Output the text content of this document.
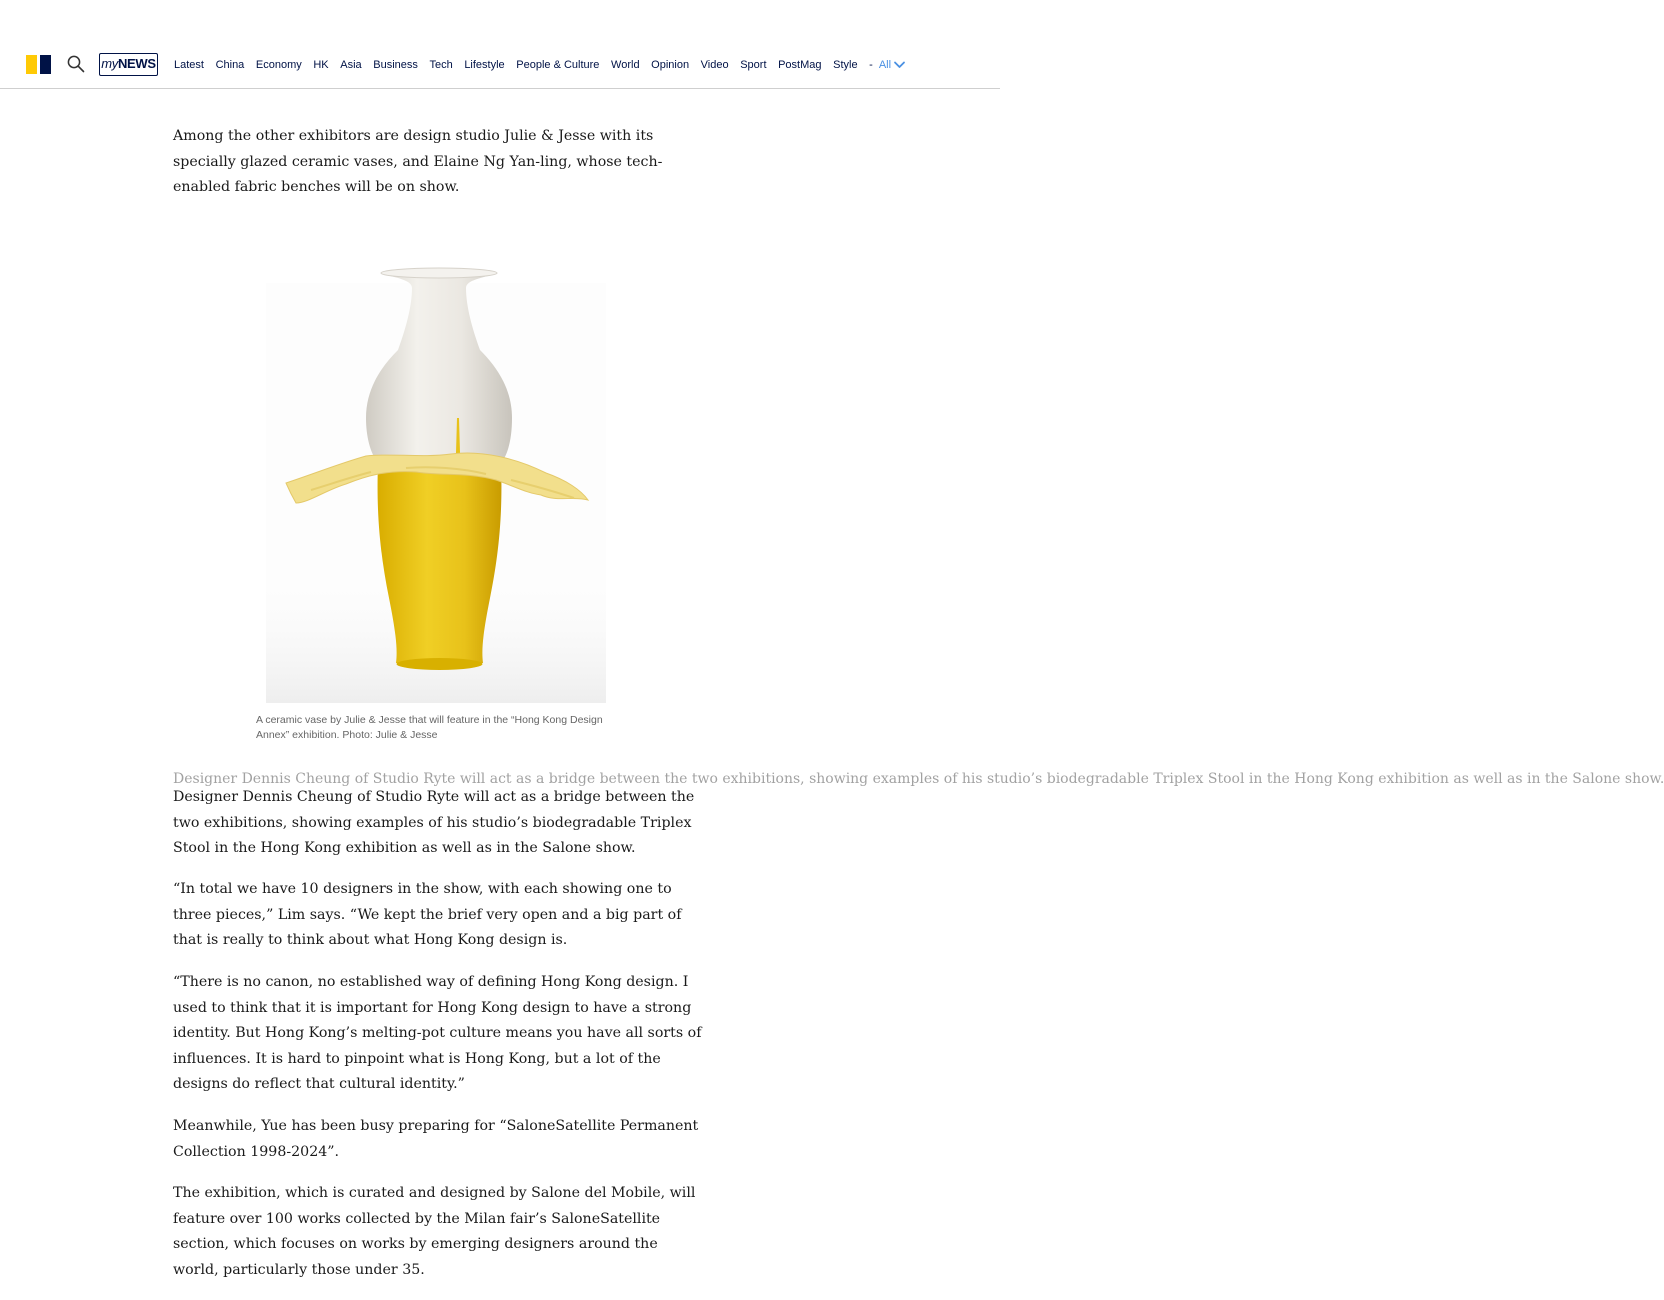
myNEWS Latest China Economy HK Asia Business Tech Lifestyle People & Culture World Opinion Video Sport PostMag Style - All

Among the other exhibitors are design studio Julie & Jesse with its specially glazed ceramic vases, and Elaine Ng Yan-ling, whose tech-enabled fabric benches will be on show.

A ceramic vase by Julie & Jesse that will feature in the “Hong Kong Design Annex” exhibition. Photo: Julie & Jesse
Designer Dennis Cheung of Studio Ryte will act as a bridge between the two exhibitions, showing examples of his studio’s biodegradable Triplex Stool in the Hong Kong exhibition as well as in the Salone show.

Designer Dennis Cheung of Studio Ryte will act as a bridge between the two exhibitions, showing examples of his studio’s biodegradable Triplex Stool in the Hong Kong exhibition as well as in the Salone show.

“In total we have 10 designers in the show, with each showing one to three pieces,” Lim says. “We kept the brief very open and a big part of that is really to think about what Hong Kong design is.

“There is no canon, no established way of defining Hong Kong design. I used to think that it is important for Hong Kong design to have a strong identity. But Hong Kong’s melting-pot culture means you have all sorts of influences. It is hard to pinpoint what is Hong Kong, but a lot of the designs do reflect that cultural identity.”

Meanwhile, Yue has been busy preparing for “SaloneSatellite Permanent Collection 1998-2024”.

The exhibition, which is curated and designed by Salone del Mobile, will feature over 100 works collected by the Milan fair’s SaloneSatellite section, which focuses on works by emerging designers around the world, particularly those under 35.
